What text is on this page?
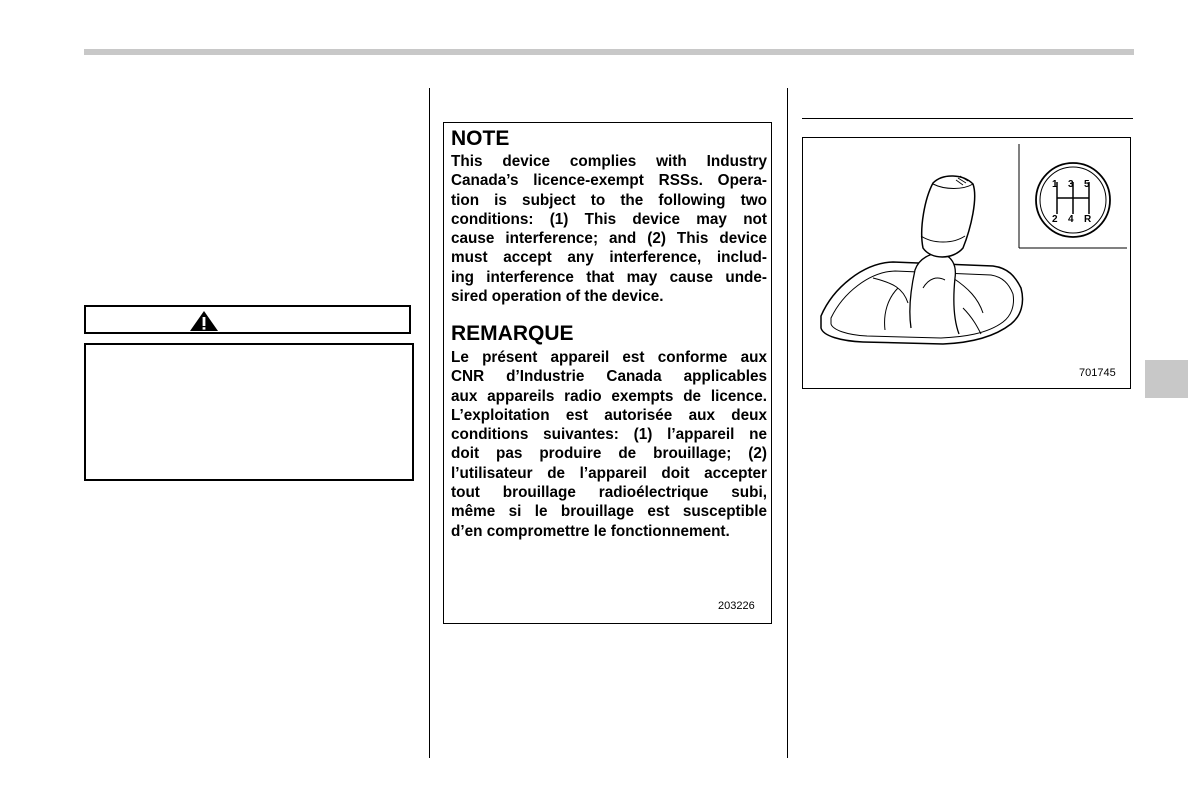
NOTE
This device complies with Industry
Canada’s licence-exempt RSSs. Opera-
tion is subject to the following two
conditions: (1) This device may not
cause interference; and (2) This device
must accept any interference, includ-
ing interference that may cause unde-
sired operation of the device.
REMARQUE
Le présent appareil est conforme aux
CNR d’Industrie Canada applicables
aux appareils radio exempts de licence.
L’exploitation est autorisée aux deux
conditions suivantes: (1) l’appareil ne
doit pas produire de brouillage; (2)
l’utilisateur de l’appareil doit accepter
tout brouillage radioélectrique subi,
même si le brouillage est susceptible
d’en compromettre le fonctionnement.
203226
1 3 5
2 4 R
701745
